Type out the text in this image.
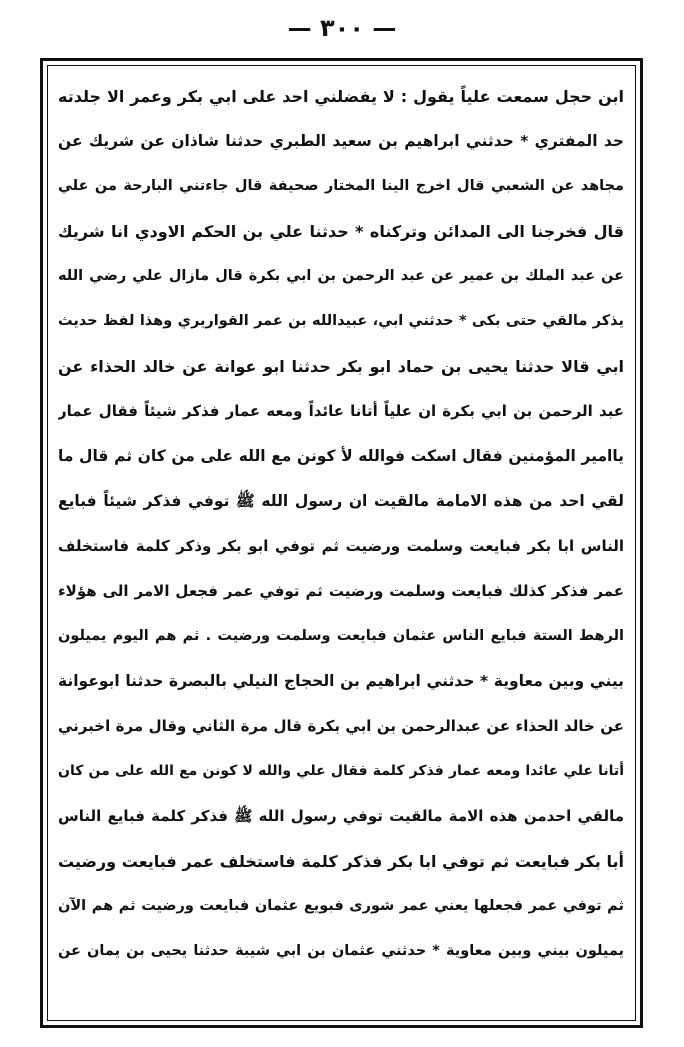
— ٣٠٠ —
ابن حجل سمعت علياً يقول : لا يفضلني احد على ابي بكر وعمر الا جلدته
حد المفتري * حدثني ابراهيم بن سعيد الطبري حدثنا شاذان عن شريك عن
مجاهد عن الشعبي قال اخرج الينا المختار صحيفة قال جاءتني البارحة من علي
قال فخرجنا الى المدائن وتركناه * حدثنا علي بن الحكم الاودي انا شريك
عن عبد الملك بن عمير عن عبد الرحمن بن ابي بكرة قال مازال علي رضي الله
يذكر مالقي حتى بكى * حدثني ابي، عبيدالله بن عمر القواريري وهذا لفظ حديث
ابي قالا حدثنا يحيى بن حماد ابو بكر حدثنا ابو عوانة عن خالد الحذاء عن
عبد الرحمن بن ابي بكرة ان علياً أتانا عائداً ومعه عمار فذكر شيئاً فقال عمار
ياامير المؤمنين فقال اسكت فوالله لأ كونن مع الله على من كان ثم قال ما
لقي احد من هذه الامامة مالقيت ان رسول الله ﷺ توفي فذكر شيئاً فبايع
الناس ابا بكر فبايعت وسلمت ورضيت ثم توفي ابو بكر وذكر كلمة فاستخلف
عمر فذكر كذلك فبايعت وسلمت ورضيت ثم توفي عمر فجعل الامر الى هؤلاء
الرهط الستة فبايع الناس عثمان فبايعت وسلمت ورضيت . ثم هم اليوم يميلون
بيني وبين معاوية * حدثني ابراهيم بن الحجاج النيلي بالبصرة حدثنا ابوعوانة
عن خالد الحذاء عن عبدالرحمن بن ابي بكرة قال مرة الثاني وقال مرة اخبرني
أتانا علي عائدا ومعه عمار فذكر كلمة فقال علي والله لا كونن مع الله على من كان
مالقي احدمن هذه الامة مالقيت توفي رسول الله ﷺ فذكر كلمة فبايع الناس
أبا بكر فبايعت ثم توفي ابا بكر فذكر كلمة فاستخلف عمر فبايعت ورضيت
ثم توفي عمر فجعلها يعني عمر شورى فبويع عثمان فبايعت ورضيت ثم هم الآن
يميلون بيني وبين معاوية * حدثني عثمان بن ابي شيبة حدثنا يحيى بن يمان عن
